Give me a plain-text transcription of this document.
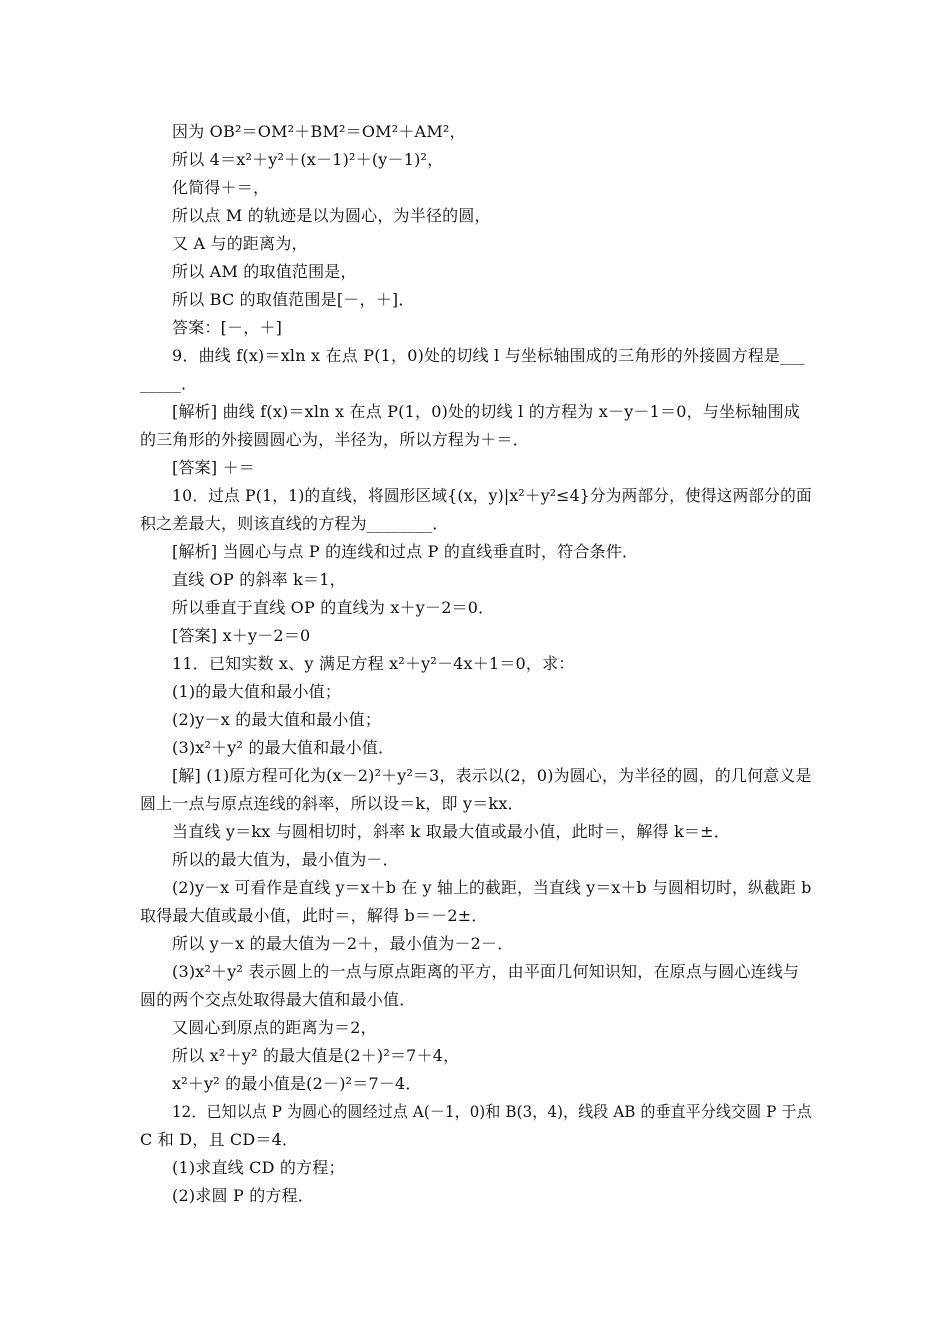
因为 OB²＝OM²＋BM²＝OM²＋AM²，
所以 4＝x²＋y²＋(x－1)²＋(y－1)²，
化简得＋＝，
所以点 M 的轨迹是以为圆心，为半径的圆，
又 A 与的距离为，
所以 AM 的取值范围是，
所以 BC 的取值范围是[－，＋]．
答案：[－，＋]
9．曲线 f(x)＝xln x 在点 P(1，0)处的切线 l 与坐标轴围成的三角形的外接圆方程是___
_____．
[解析] 曲线 f(x)＝xln x 在点 P(1，0)处的切线 l 的方程为 x－y－1＝0，与坐标轴围成
的三角形的外接圆圆心为，半径为，所以方程为＋＝．
[答案] ＋＝
10．过点 P(1，1)的直线，将圆形区域{(x，y)|x²＋y²≤4}分为两部分，使得这两部分的面
积之差最大，则该直线的方程为________．
[解析] 当圆心与点 P 的连线和过点 P 的直线垂直时，符合条件．
直线 OP 的斜率 k＝1，
所以垂直于直线 OP 的直线为 x＋y－2＝0．
[答案] x＋y－2＝0
11．已知实数 x、y 满足方程 x²＋y²－4x＋1＝0，求：
(1)的最大值和最小值；
(2)y－x 的最大值和最小值；
(3)x²＋y² 的最大值和最小值．
[解] (1)原方程可化为(x－2)²＋y²＝3，表示以(2，0)为圆心，为半径的圆，的几何意义是
圆上一点与原点连线的斜率，所以设＝k，即 y＝kx．
当直线 y＝kx 与圆相切时，斜率 k 取最大值或最小值，此时＝，解得 k＝±．
所以的最大值为，最小值为－．
(2)y－x 可看作是直线 y＝x＋b 在 y 轴上的截距，当直线 y＝x＋b 与圆相切时，纵截距 b
取得最大值或最小值，此时＝，解得 b＝－2±．
所以 y－x 的最大值为－2＋，最小值为－2－．
(3)x²＋y² 表示圆上的一点与原点距离的平方，由平面几何知识知，在原点与圆心连线与
圆的两个交点处取得最大值和最小值．
又圆心到原点的距离为＝2，
所以 x²＋y² 的最大值是(2＋)²＝7＋4，
x²＋y² 的最小值是(2－)²＝7－4．
12．已知以点 P 为圆心的圆经过点 A(－1，0)和 B(3，4)，线段 AB 的垂直平分线交圆 P 于点
C 和 D，且 CD＝4．
(1)求直线 CD 的方程；
(2)求圆 P 的方程．
